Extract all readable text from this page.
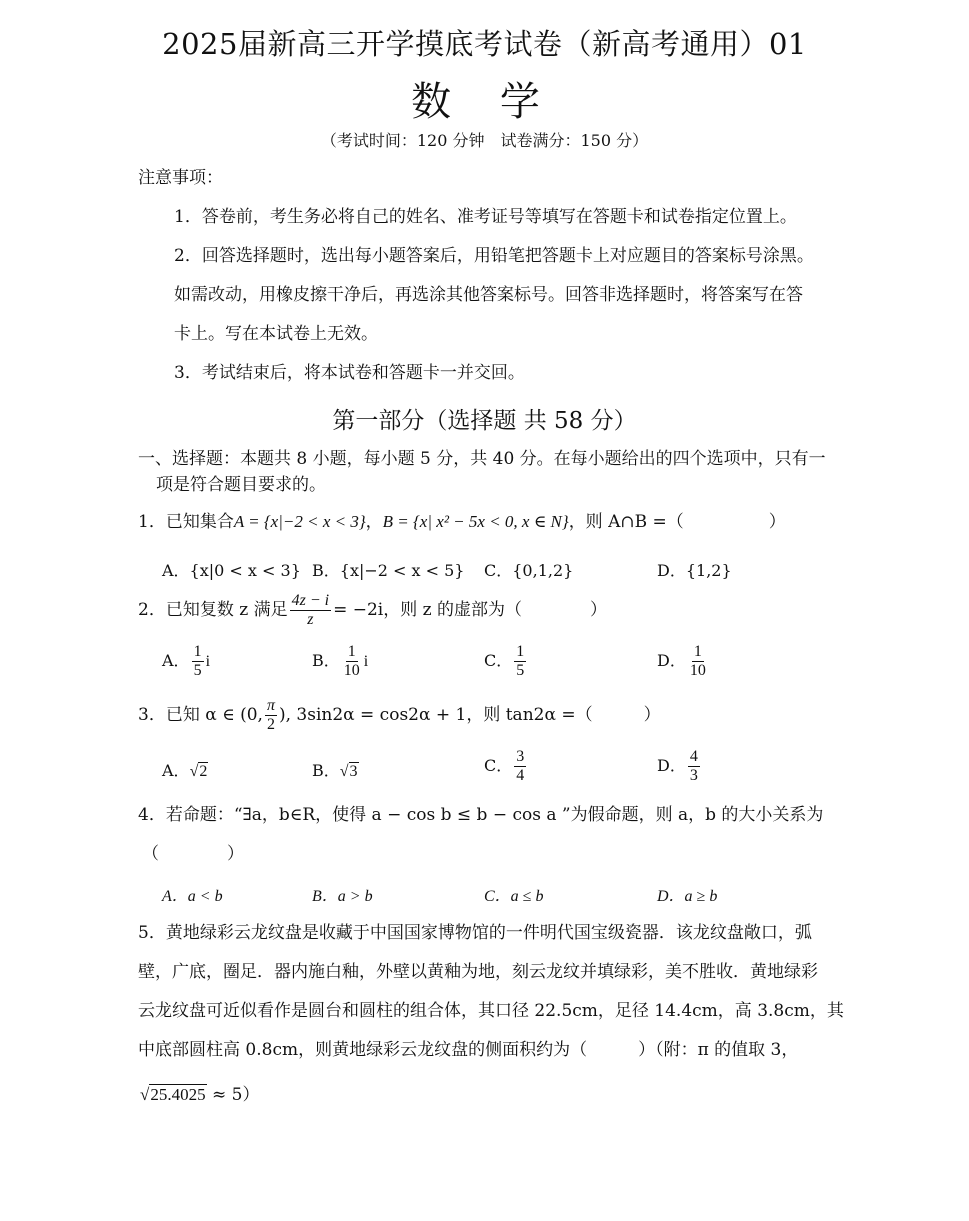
2025届新高三开学摸底考试卷（新高考通用）01
数 学
（考试时间：120 分钟　试卷满分：150 分）
注意事项：
1．答卷前，考生务必将自己的姓名、准考证号等填写在答题卡和试卷指定位置上。
2．回答选择题时，选出每小题答案后，用铅笔把答题卡上对应题目的答案标号涂黑。
如需改动，用橡皮擦干净后，再选涂其他答案标号。回答非选择题时，将答案写在答
卡上。写在本试卷上无效。
3．考试结束后，将本试卷和答题卡一并交回。
第一部分（选择题 共 58 分）
一、选择题：本题共 8 小题，每小题 5 分，共 40 分。在每小题给出的四个选项中，只有一
项是符合题目要求的。
1．已知集合A = {x|−2 < x < 3}，B = {x| x² − 5x < 0, x ∈ N}，则 A∩B =（　　　　　）
A．{x|0 < x < 3} B．{x|−2 < x < 5} C．{0,1,2}	D．{1,2}
2．已知复数 z 满足 $\frac{4z - i}{z} = -2i$，则 z 的虚部为（　　　　）
A． $\frac{1}{5}$ i	B． $\frac{1}{10}$ i	C． $\frac{1}{5}$	D． $\frac{1}{10}$
3．已知 α ∈ (0, $\frac{\pi}{2}$ ), 3sin2α = cos2α + 1，则 tan2α =（　　　）
A．√2	B．√3	C． $\frac{3}{4}$	D． $\frac{4}{3}$
4．若命题：“∃a，b∈R，使得 a − cos b ≤ b − cos a ”为假命题，则 a，b 的大小关系为
（　　　　）
A．a < b	B．a > b	C．a ≤ b	D．a ≥ b
5．黄地绿彩云龙纹盘是收藏于中国国家博物馆的一件明代国宝级瓷器．该龙纹盘敞口，弧
壁，广底，圈足．器内施白釉，外壁以黄釉为地，刻云龙纹并填绿彩，美不胜收．黄地绿彩
云龙纹盘可近似看作是圆台和圆柱的组合体，其口径 22.5cm，足径 14.4cm，高 3.8cm，其
中底部圆柱高 0.8cm，则黄地绿彩云龙纹盘的侧面积约为（　　　）（附：π 的值取 3，
√25.4025 ≈ 5）
